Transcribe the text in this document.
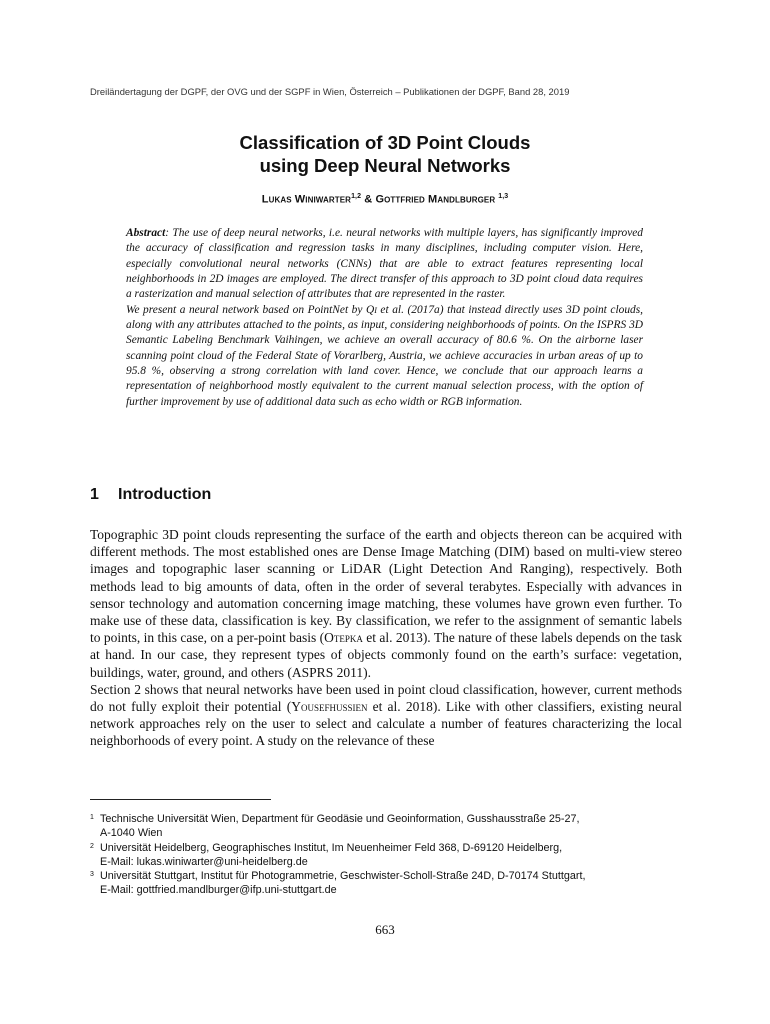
Dreiländertagung der DGPF, der OVG und der SGPF in Wien, Österreich – Publikationen der DGPF, Band 28, 2019
Classification of 3D Point Clouds
using Deep Neural Networks
Lukas Winiwarter$^{1,2}$ & Gottfried Mandlburger $^{1,3}$

Abstract: The use of deep neural networks, i.e. neural networks with multiple layers, has significantly improved the accuracy of classification and regression tasks in many disciplines, including computer vision. Here, especially convolutional neural networks (CNNs) that are able to extract features representing local neighborhoods in 2D images are employed. The direct transfer of this approach to 3D point cloud data requires a rasterization and manual selection of attributes that are represented in the raster.

We present a neural network based on PointNet by Qi et al. (2017a) that instead directly uses 3D point clouds, along with any attributes attached to the points, as input, considering neighborhoods of points. On the ISPRS 3D Semantic Labeling Benchmark Vaihingen, we achieve an overall accuracy of 80.6 %. On the airborne laser scanning point cloud of the Federal State of Vorarlberg, Austria, we achieve accuracies in urban areas of up to 95.8 %, observing a strong correlation with land cover. Hence, we conclude that our approach learns a representation of neighborhood mostly equivalent to the current manual selection process, with the option of further improvement by use of additional data such as echo width or RGB information.

1 Introduction

Topographic 3D point clouds representing the surface of the earth and objects thereon can be acquired with different methods. The most established ones are Dense Image Matching (DIM) based on multi-view stereo images and topographic laser scanning or LiDAR (Light Detection And Ranging), respectively. Both methods lead to big amounts of data, often in the order of several terabytes. Especially with advances in sensor technology and automation concerning image matching, these volumes have grown even further. To make use of these data, classification is key. By classification, we refer to the assignment of semantic labels to points, in this case, on a per-point basis (Otepka et al. 2013). The nature of these labels depends on the task at hand. In our case, they represent types of objects commonly found on the earth’s surface: vegetation, buildings, water, ground, and others (ASPRS 2011).

Section 2 shows that neural networks have been used in point cloud classification, however, current methods do not fully exploit their potential (Yousefhussien et al. 2018). Like with other classifiers, existing neural network approaches rely on the user to select and calculate a number of features characterizing the local neighborhoods of every point. A study on the relevance of these

1 Technische Universität Wien, Department für Geodäsie und Geoinformation, Gusshausstraße 25-27,
A-1040 Wien
2 Universität Heidelberg, Geographisches Institut, Im Neuenheimer Feld 368, D-69120 Heidelberg,
E-Mail: lukas.winiwarter@uni-heidelberg.de
3 Universität Stuttgart, Institut für Photogrammetrie, Geschwister-Scholl-Straße 24D, D-70174 Stuttgart,
E-Mail: gottfried.mandlburger@ifp.uni-stuttgart.de
663
